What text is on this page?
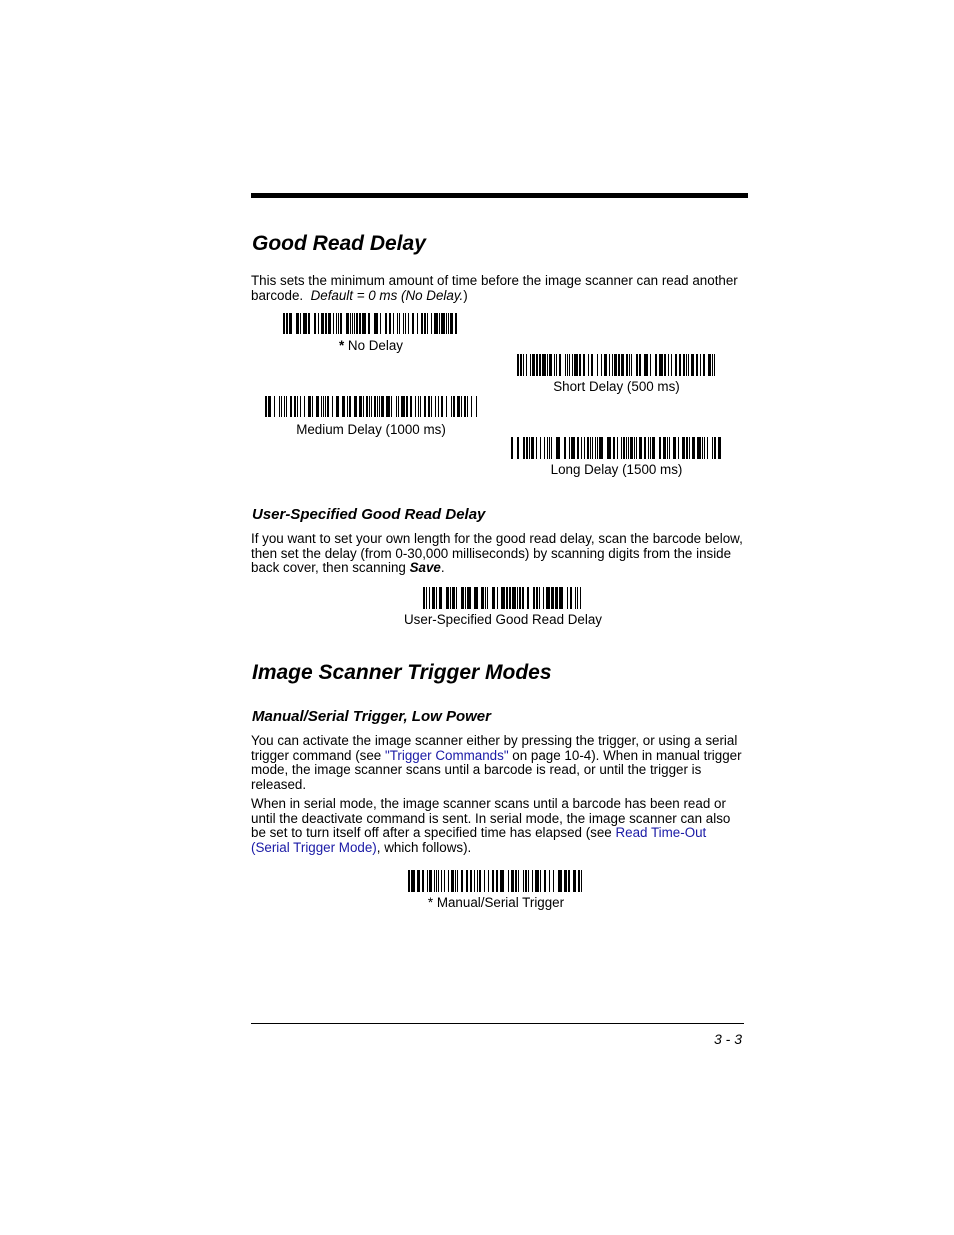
Good Read Delay
This sets the minimum amount of time before the image scanner can read another barcode. Default = 0 ms (No Delay.)
* No Delay
Short Delay (500 ms)
Medium Delay (1000 ms)
Long Delay (1500 ms)
User-Specified Good Read Delay
If you want to set your own length for the good read delay, scan the barcode below, then set the delay (from 0-30,000 milliseconds) by scanning digits from the inside back cover, then scanning Save.
User-Specified Good Read Delay
Image Scanner Trigger Modes
Manual/Serial Trigger, Low Power
You can activate the image scanner either by pressing the trigger, or using a serial trigger command (see "Trigger Commands" on page 10-4). When in manual trigger mode, the image scanner scans until a barcode is read, or until the trigger is released.
When in serial mode, the image scanner scans until a barcode has been read or until the deactivate command is sent. In serial mode, the image scanner can also be set to turn itself off after a specified time has elapsed (see Read Time-Out (Serial Trigger Mode), which follows).
* Manual/Serial Trigger
3 - 3
